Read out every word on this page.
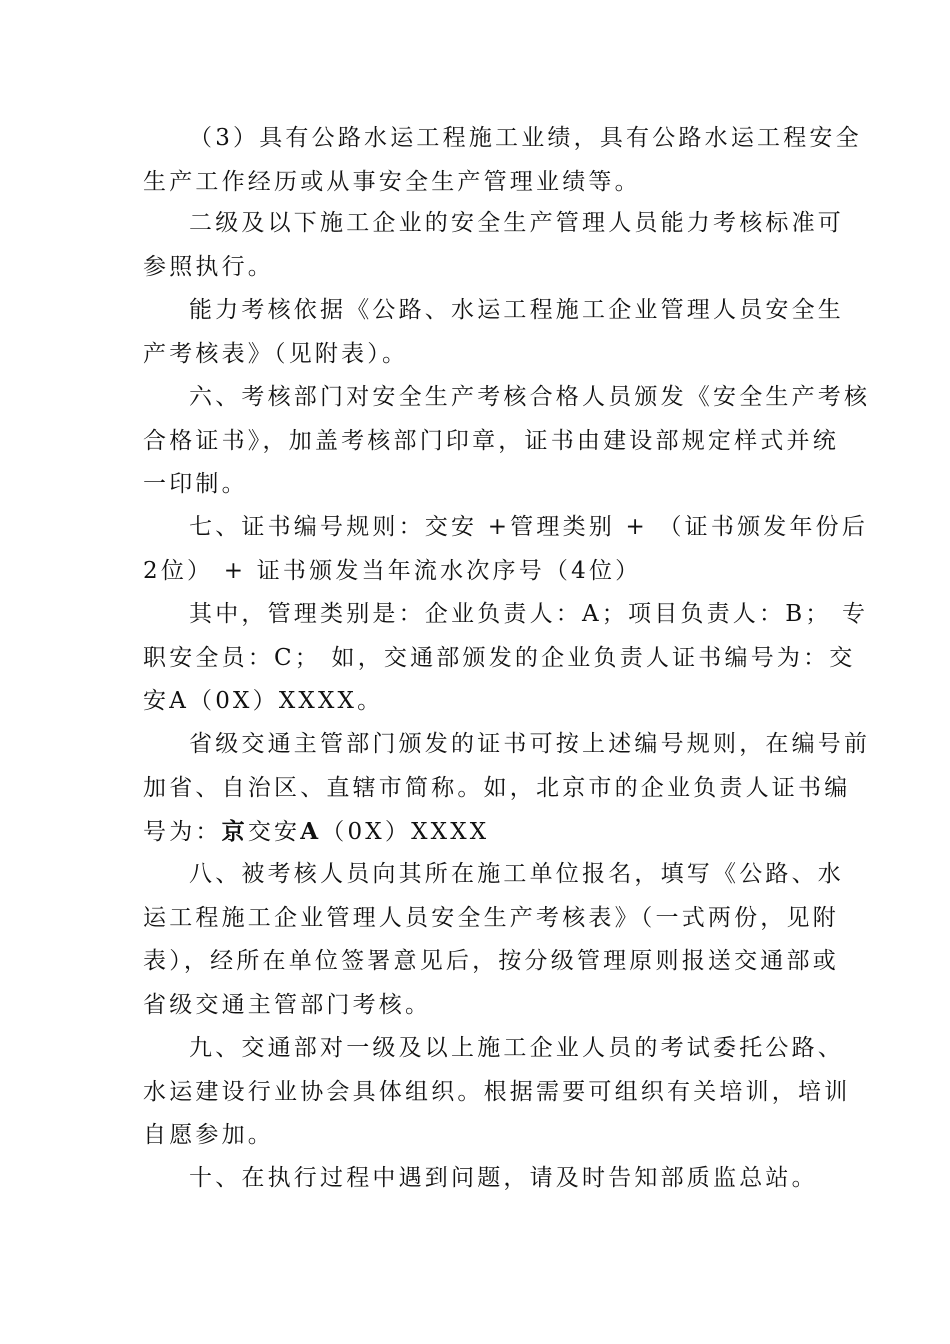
（3）具有公路水运工程施工业绩，具有公路水运工程安全
生产工作经历或从事安全生产管理业绩等。
二级及以下施工企业的安全生产管理人员能力考核标准可
参照执行。
能力考核依据《公路、水运工程施工企业管理人员安全生
产考核表》（见附表）。
六、考核部门对安全生产考核合格人员颁发《安全生产考核
合格证书》，加盖考核部门印章，证书由建设部规定样式并统
一印制。
七、证书编号规则：交安 +管理类别 + （证书颁发年份后
2位） + 证书颁发当年流水次序号（4位）
其中，管理类别是：企业负责人：A；项目负责人：B； 专
职安全员：C； 如，交通部颁发的企业负责人证书编号为：交
安A（0X）XXXX。
省级交通主管部门颁发的证书可按上述编号规则，在编号前
加省、自治区、直辖市简称。如，北京市的企业负责人证书编
号为：京交安A（0X）XXXX
八、被考核人员向其所在施工单位报名，填写《公路、水
运工程施工企业管理人员安全生产考核表》（一式两份，见附
表），经所在单位签署意见后，按分级管理原则报送交通部或
省级交通主管部门考核。
九、交通部对一级及以上施工企业人员的考试委托公路、
水运建设行业协会具体组织。根据需要可组织有关培训，培训
自愿参加。
十、在执行过程中遇到问题，请及时告知部质监总站。
